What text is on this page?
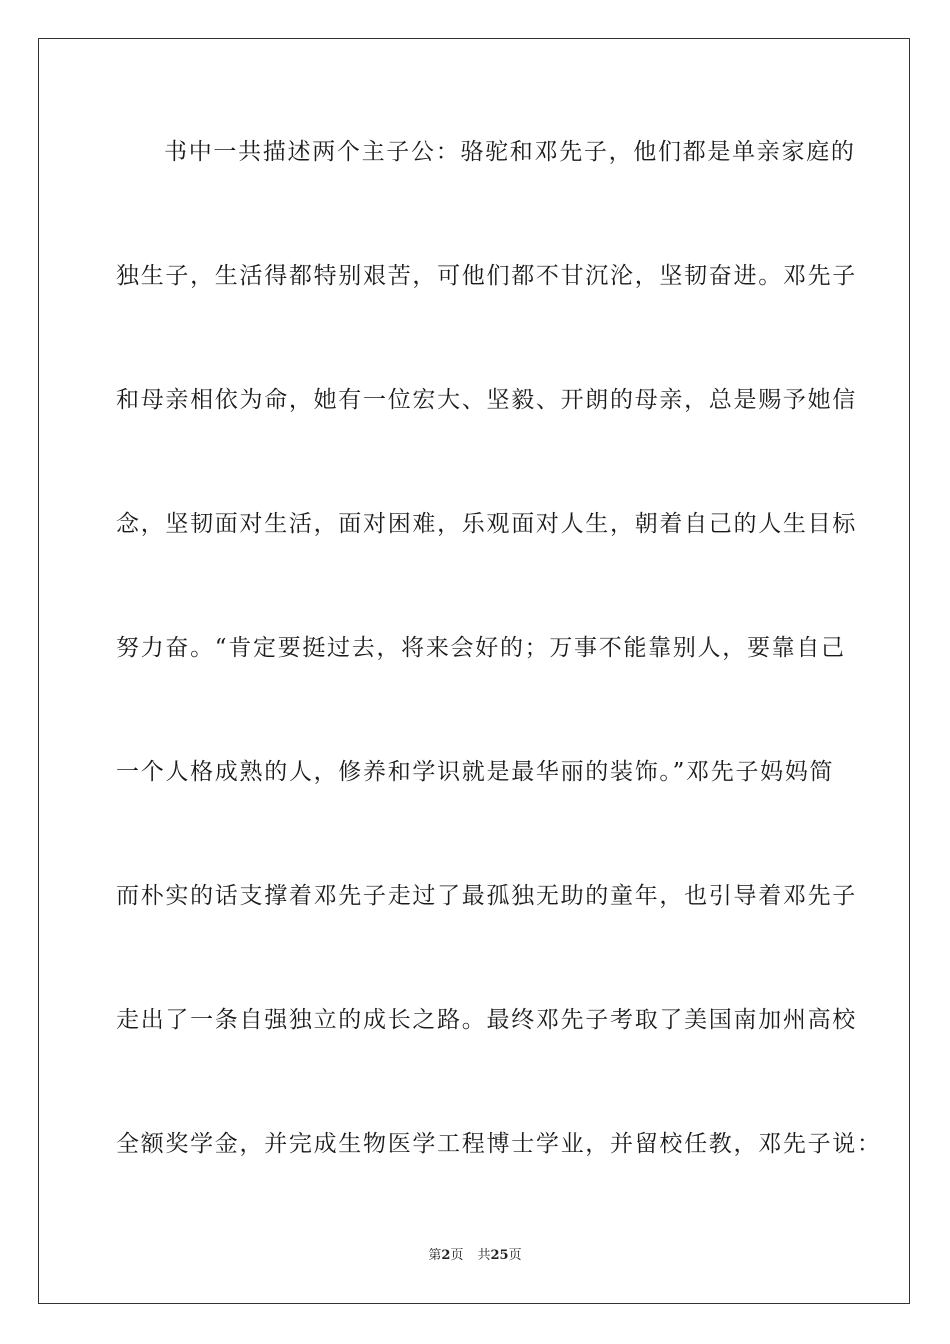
书中一共描述两个主子公：骆驼和邓先子，他们都是单亲家庭的
独生子，生活得都特别艰苦，可他们都不甘沉沦，坚韧奋进。邓先子
和母亲相依为命，她有一位宏大、坚毅、开朗的母亲，总是赐予她信
念，坚韧面对生活，面对困难，乐观面对人生，朝着自己的人生目标
努力奋。“肯定要挺过去，将来会好的；万事不能靠别人，要靠自己
一个人格成熟的人，修养和学识就是最华丽的装饰。”邓先子妈妈简
而朴实的话支撑着邓先子走过了最孤独无助的童年，也引导着邓先子
走出了一条自强独立的成长之路。最终邓先子考取了美国南加州高校
全额奖学金，并完成生物医学工程博士学业，并留校任教，邓先子说：
第2页 共25页
